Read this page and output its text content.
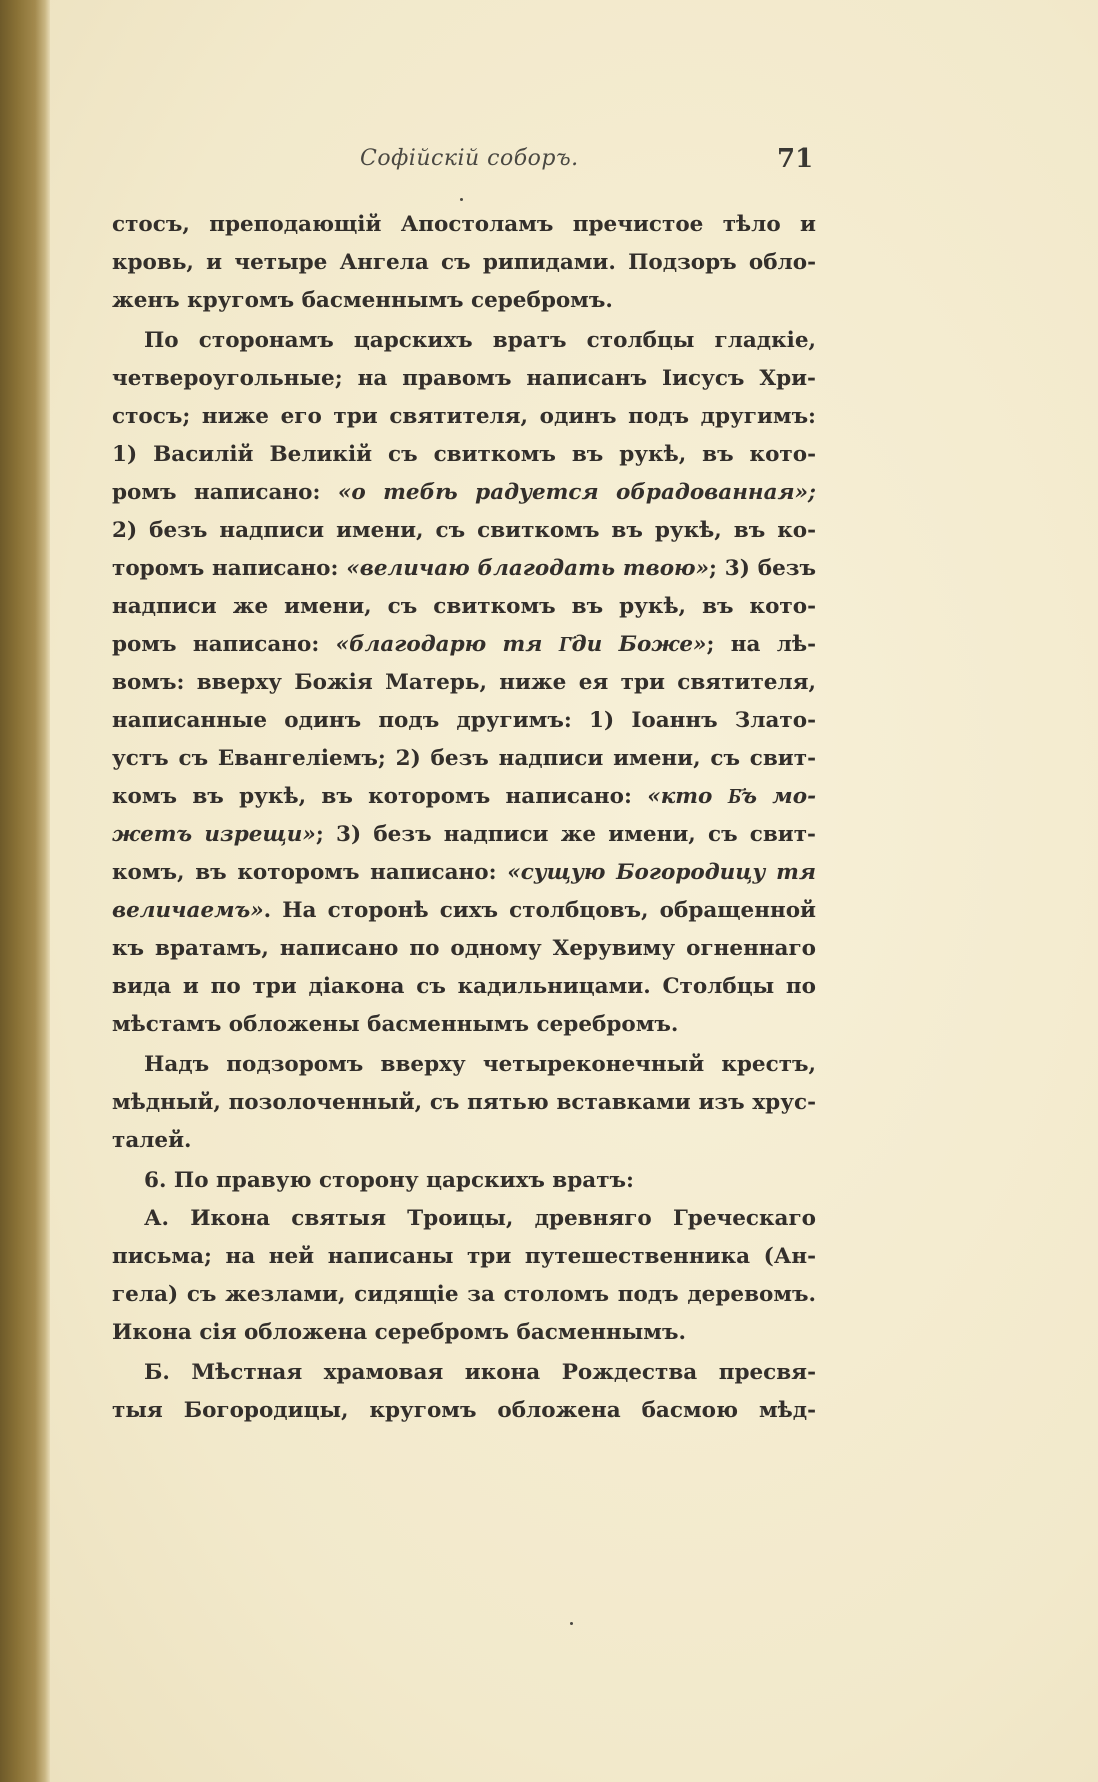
Софійскій соборъ.	71
стосъ, преподающій Апостоламъ пречистое тѣло и
кровь, и четыре Ангела съ рипидами. Подзоръ обло-
женъ кругомъ басменнымъ серебромъ.
По сторонамъ царскихъ вратъ столбцы гладкіе,
четвероугольные; на правомъ написанъ Іисусъ Хри-
стосъ; ниже его три святителя, одинъ подъ другимъ:
1) Василій Великій съ свиткомъ въ рукѣ, въ кото-
ромъ написано: «о тебѣ радуется обрадованная»;
2) безъ надписи имени, съ свиткомъ въ рукѣ, въ ко-
торомъ написано: «величаю благодать твою»; 3) безъ
надписи же имени, съ свиткомъ въ рукѣ, въ кото-
ромъ написано: «благодарю тя Г҃ди Боже»; на лѣ-
вомъ: вверху Божія Матерь, ниже ея три святителя,
написанные одинъ подъ другимъ: 1) Іоаннъ Злато-
устъ съ Евангеліемъ; 2) безъ надписи имени, съ свит-
комъ въ рукѣ, въ которомъ написано: «кто Б҃ъ мо-
жетъ изрещи»; 3) безъ надписи же имени, съ свит-
комъ, въ которомъ написано: «сущую Богородицу тя
величаемъ». На сторонѣ сихъ столбцовъ, обращенной
къ вратамъ, написано по одному Херувиму огненнаго
вида и по три діакона съ кадильницами. Столбцы по
мѣстамъ обложены басменнымъ серебромъ.
Надъ подзоромъ вверху четыреконечный крестъ,
мѣдный, позолоченный, съ пятью вставками изъ хрус-
талей.
6. По правую сторону царскихъ вратъ:
А. Икона святыя Троицы, древняго Греческаго
письма; на ней написаны три путешественника (Ан-
гела) съ жезлами, сидящіе за столомъ подъ деревомъ.
Икона сія обложена серебромъ басменнымъ.
Б. Мѣстная храмовая икона Рождества пресвя-
тыя Богородицы, кругомъ обложена басмою мѣд-
